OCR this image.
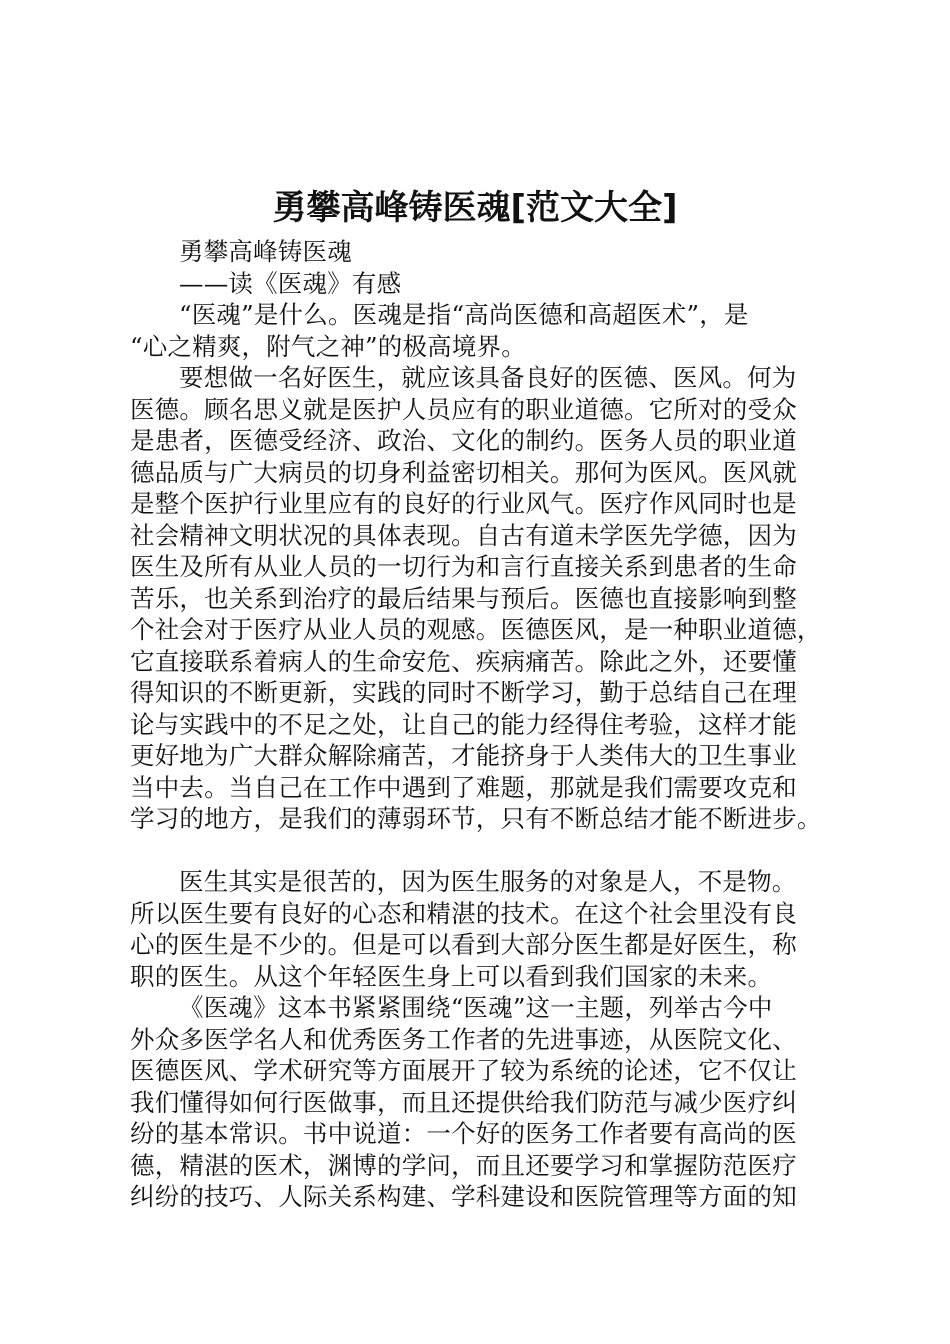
勇攀高峰铸医魂[范文大全]
勇攀高峰铸医魂
——读《医魂》有感
“医魂”是什么。医魂是指“高尚医德和高超医术”，是
“心之精爽，附气之神”的极高境界。
要想做一名好医生，就应该具备良好的医德、医风。何为
医德。顾名思义就是医护人员应有的职业道德。它所对的受众
是患者，医德受经济、政治、文化的制约。医务人员的职业道
德品质与广大病员的切身利益密切相关。那何为医风。医风就
是整个医护行业里应有的良好的行业风气。医疗作风同时也是
社会精神文明状况的具体表现。自古有道未学医先学德，因为
医生及所有从业人员的一切行为和言行直接关系到患者的生命
苦乐，也关系到治疗的最后结果与预后。医德也直接影响到整
个社会对于医疗从业人员的观感。医德医风，是一种职业道德，
它直接联系着病人的生命安危、疾病痛苦。除此之外，还要懂
得知识的不断更新，实践的同时不断学习，勤于总结自己在理
论与实践中的不足之处，让自己的能力经得住考验，这样才能
更好地为广大群众解除痛苦，才能挤身于人类伟大的卫生事业
当中去。当自己在工作中遇到了难题，那就是我们需要攻克和
学习的地方，是我们的薄弱环节，只有不断总结才能不断进步。
医生其实是很苦的，因为医生服务的对象是人，不是物。
所以医生要有良好的心态和精湛的技术。在这个社会里没有良
心的医生是不少的。但是可以看到大部分医生都是好医生，称
职的医生。从这个年轻医生身上可以看到我们国家的未来。
《医魂》这本书紧紧围绕“医魂”这一主题，列举古今中
外众多医学名人和优秀医务工作者的先进事迹，从医院文化、
医德医风、学术研究等方面展开了较为系统的论述，它不仅让
我们懂得如何行医做事，而且还提供给我们防范与减少医疗纠
纷的基本常识。书中说道：一个好的医务工作者要有高尚的医
德，精湛的医术，渊博的学问，而且还要学习和掌握防范医疗
纠纷的技巧、人际关系构建、学科建设和医院管理等方面的知
